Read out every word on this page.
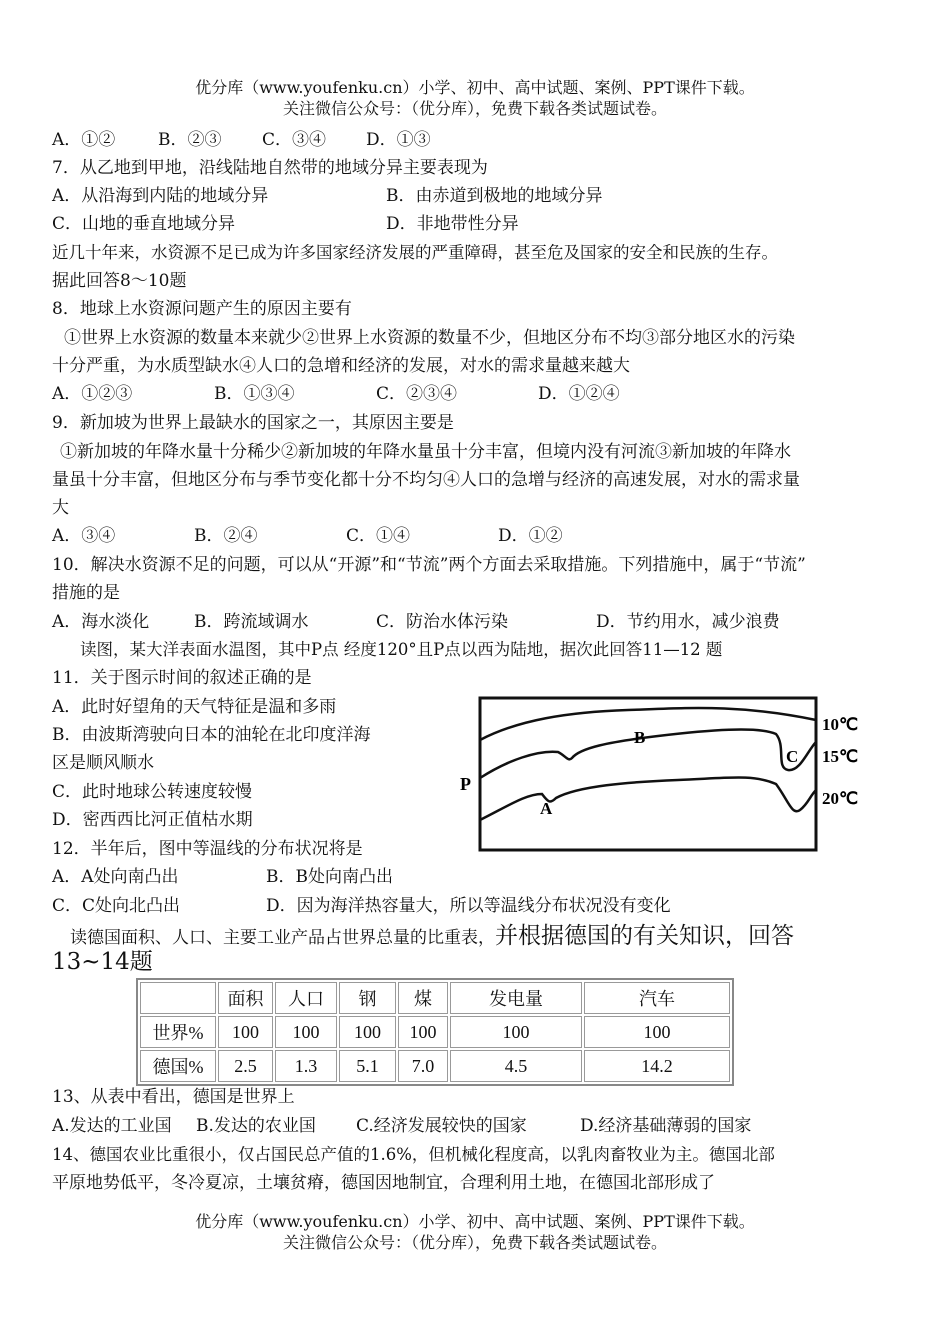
优分库（www.youfenku.cn）小学、初中、高中试题、案例、PPT课件下载。
关注微信公众号：（优分库），免费下载各类试题试卷。
A．①②	B．②③ C．③④ D．①③
7．从乙地到甲地，沿线陆地自然带的地域分异主要表现为
A．从沿海到内陆的地域分异	B．由赤道到极地的地域分异
C．山地的垂直地域分异	D．非地带性分异
近几十年来，水资源不足已成为许多国家经济发展的严重障碍，甚至危及国家的安全和民族的生存。
据此回答8～10题
8．地球上水资源问题产生的原因主要有
①世界上水资源的数量本来就少②世界上水资源的数量不少，但地区分布不均③部分地区水的污染
十分严重，为水质型缺水④人口的急增和经济的发展，对水的需求量越来越大
A．①②③	B．①③④	C．②③④	D．①②④
9．新加坡为世界上最缺水的国家之一，其原因主要是
①新加坡的年降水量十分稀少②新加坡的年降水量虽十分丰富，但境内没有河流③新加坡的年降水
量虽十分丰富，但地区分布与季节变化都十分不均匀④人口的急增与经济的高速发展，对水的需求量
大
A．③④	B．②④	C．①④	D．①②
10．解决水资源不足的问题，可以从“开源”和“节流”两个方面去采取措施。下列措施中，属于“节流”
措施的是
A．海水淡化	B．跨流域调水	C．防治水体污染	D．节约用水，减少浪费
读图，某大洋表面水温图，其中P点 经度120°且P点以西为陆地，据次此回答11—12 题
11．关于图示时间的叙述正确的是
A．此时好望角的天气特征是温和多雨
B．由波斯湾驶向日本的油轮在北印度洋海
区是顺风顺水
C．此时地球公转速度较慢
D．密西西比河正值枯水期
P
A
B
C
10℃
15℃
20℃
12．半年后，图中等温线的分布状况将是
A．A处向南凸出	B．B处向南凸出
C．C处向北凸出	D．因为海洋热容量大，所以等温线分布状况没有变化
读德国面积、人口、主要工业产品占世界总量的比重表，并根据德国的有关知识，回答
13~14题
	面积	人口	钢	煤	发电量	汽车
世界%	100	100	100	100	100	100
德国%	2.5	1.3	5.1	7.0	4.5	14.2
13、从表中看出，德国是世界上
A.发达的工业国 B.发达的农业国 C.经济发展较快的国家	D.经济基础薄弱的国家
14、德国农业比重很小，仅占国民总产值的1.6%，但机械化程度高，以乳肉畜牧业为主。德国北部
平原地势低平，冬冷夏凉，土壤贫瘠，德国因地制宜，合理利用土地，在德国北部形成了
优分库（www.youfenku.cn）小学、初中、高中试题、案例、PPT课件下载。
关注微信公众号：（优分库），免费下载各类试题试卷。
